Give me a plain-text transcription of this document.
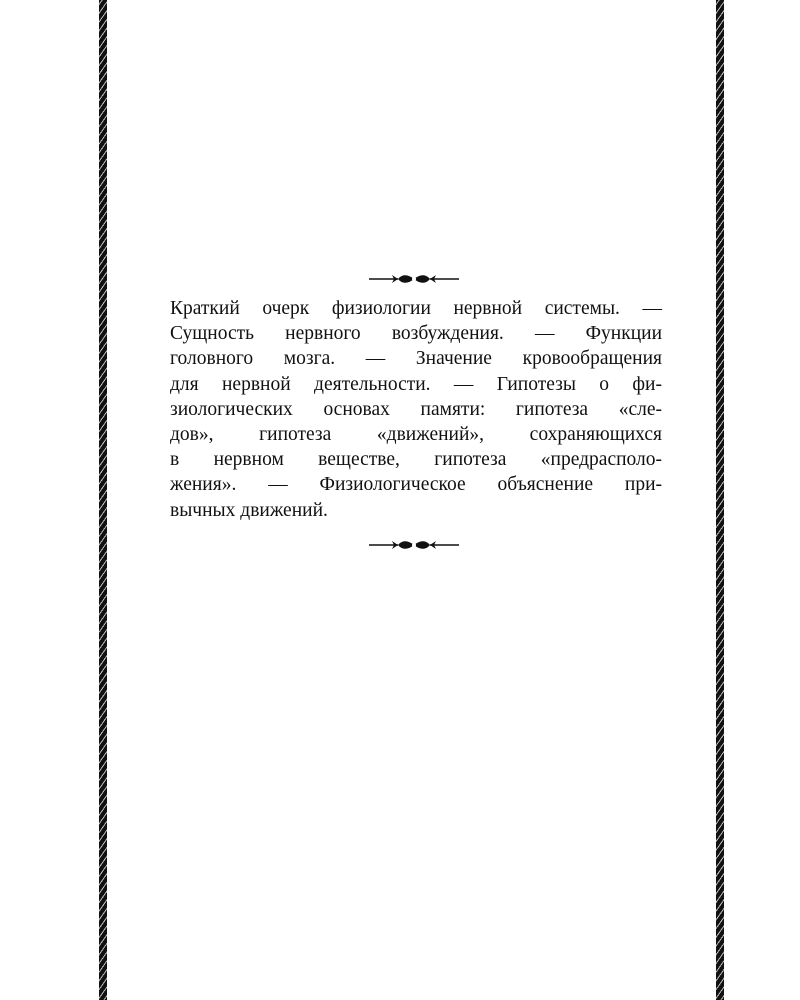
Краткий очерк физиологии нервной системы. —
Сущность нервного возбуждения. — Функции
головного мозга. — Значение кровообращения
для нервной деятельности. — Гипотезы о фи-
зиологических основах памяти: гипотеза «сле-
дов», гипотеза «движений», сохраняющихся
в нервном веществе, гипотеза «предрасполо-
жения». — Физиологическое объяснение при-
вычных движений.
